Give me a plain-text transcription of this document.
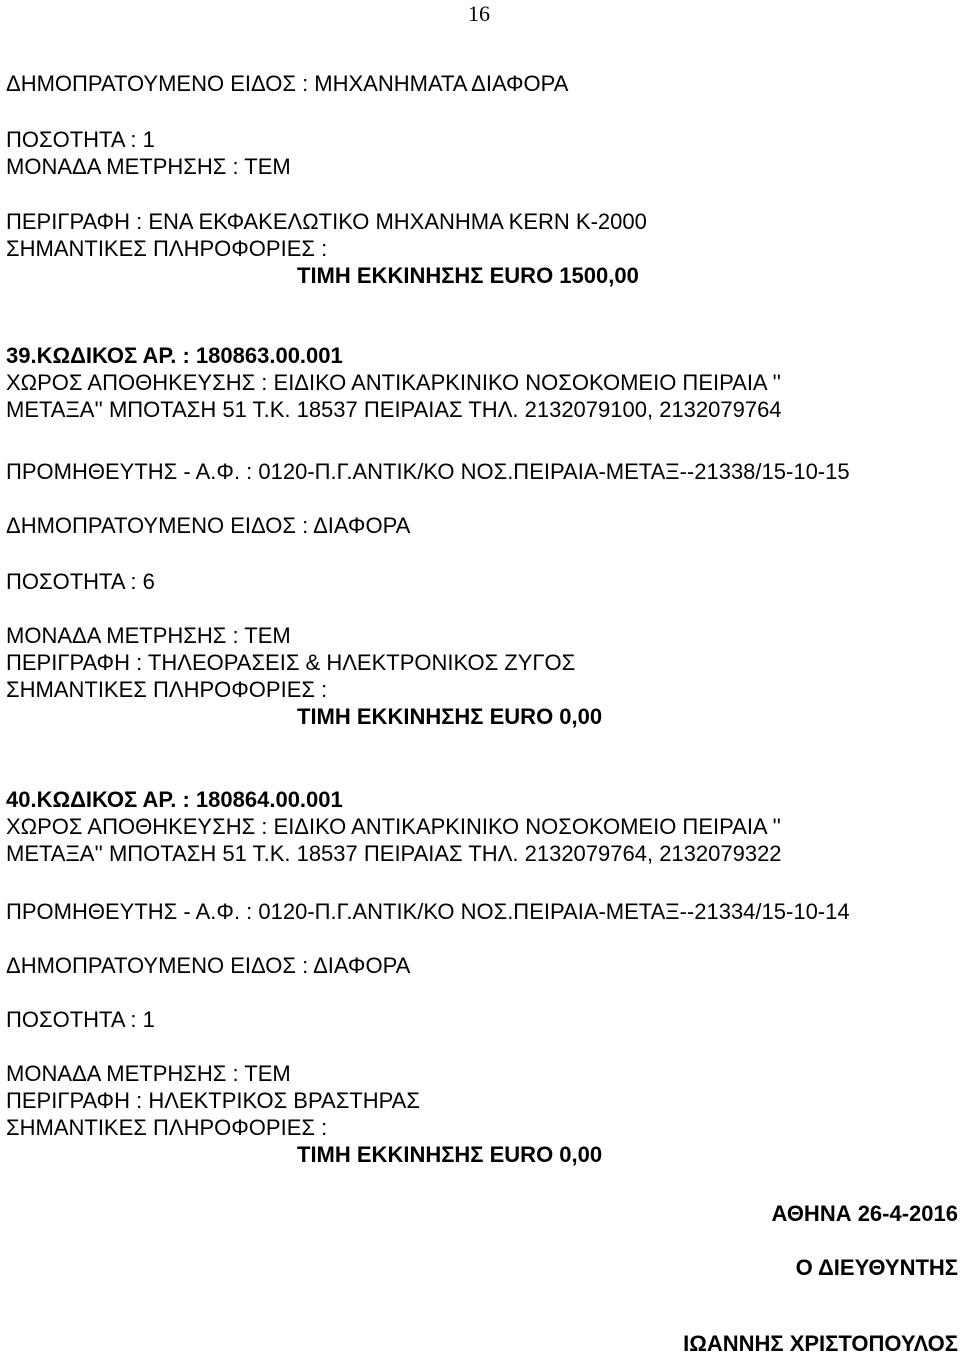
16
ΔΗΜΟΠΡΑΤΟΥΜΕΝΟ ΕΙΔΟΣ : ΜΗΧΑΝΗΜΑΤΑ ΔΙΑΦΟΡΑ
ΠΟΣΟΤΗΤΑ : 1
ΜΟΝΑΔΑ ΜΕΤΡΗΣΗΣ : ΤΕΜ
ΠΕΡΙΓΡΑΦΗ : ΕΝΑ ΕΚΦΑΚΕΛΩΤΙΚΟ ΜΗΧΑΝΗΜΑ KERN K-2000
ΣΗΜΑΝΤΙΚΕΣ ΠΛΗΡΟΦΟΡΙΕΣ :
ΤΙΜΗ ΕΚΚΙΝΗΣΗΣ EURO 1500,00
39.ΚΩΔΙΚΟΣ ΑΡ. : 180863.00.001
ΧΩΡΟΣ ΑΠΟΘΗΚΕΥΣΗΣ : ΕΙΔΙΚΟ ΑΝΤΙΚΑΡΚΙΝΙΚΟ ΝΟΣΟΚΟΜΕΙΟ ΠΕΙΡΑΙΑ ''
ΜΕΤΑΞΑ'' ΜΠΟΤΑΣΗ 51 Τ.Κ. 18537 ΠΕΙΡΑΙΑΣ ΤΗΛ. 2132079100, 2132079764
ΠΡΟΜΗΘΕΥΤΗΣ - Α.Φ. : 0120-Π.Γ.ΑΝΤΙΚ/ΚΟ ΝΟΣ.ΠΕΙΡΑΙΑ-ΜΕΤΑΞ--21338/15-10-15
ΔΗΜΟΠΡΑΤΟΥΜΕΝΟ ΕΙΔΟΣ : ΔΙΑΦΟΡΑ
ΠΟΣΟΤΗΤΑ : 6
ΜΟΝΑΔΑ ΜΕΤΡΗΣΗΣ : ΤΕΜ
ΠΕΡΙΓΡΑΦΗ : ΤΗΛΕΟΡΑΣΕΙΣ & ΗΛΕΚΤΡΟΝΙΚΟΣ ΖΥΓΟΣ
ΣΗΜΑΝΤΙΚΕΣ ΠΛΗΡΟΦΟΡΙΕΣ :
ΤΙΜΗ ΕΚΚΙΝΗΣΗΣ EURO 0,00
40.ΚΩΔΙΚΟΣ ΑΡ. : 180864.00.001
ΧΩΡΟΣ ΑΠΟΘΗΚΕΥΣΗΣ : ΕΙΔΙΚΟ ΑΝΤΙΚΑΡΚΙΝΙΚΟ ΝΟΣΟΚΟΜΕΙΟ ΠΕΙΡΑΙΑ ''
ΜΕΤΑΞΑ'' ΜΠΟΤΑΣΗ 51 Τ.Κ. 18537 ΠΕΙΡΑΙΑΣ ΤΗΛ. 2132079764, 2132079322
ΠΡΟΜΗΘΕΥΤΗΣ - Α.Φ. : 0120-Π.Γ.ΑΝΤΙΚ/ΚΟ ΝΟΣ.ΠΕΙΡΑΙΑ-ΜΕΤΑΞ--21334/15-10-14
ΔΗΜΟΠΡΑΤΟΥΜΕΝΟ ΕΙΔΟΣ : ΔΙΑΦΟΡΑ
ΠΟΣΟΤΗΤΑ : 1
ΜΟΝΑΔΑ ΜΕΤΡΗΣΗΣ : ΤΕΜ
ΠΕΡΙΓΡΑΦΗ : ΗΛΕΚΤΡΙΚΟΣ ΒΡΑΣΤΗΡΑΣ
ΣΗΜΑΝΤΙΚΕΣ ΠΛΗΡΟΦΟΡΙΕΣ :
ΤΙΜΗ ΕΚΚΙΝΗΣΗΣ EURO 0,00
ΑΘΗΝΑ 26-4-2016
Ο ΔΙΕΥΘΥΝΤΗΣ
ΙΩΑΝΝΗΣ ΧΡΙΣΤΟΠΟΥΛΟΣ
